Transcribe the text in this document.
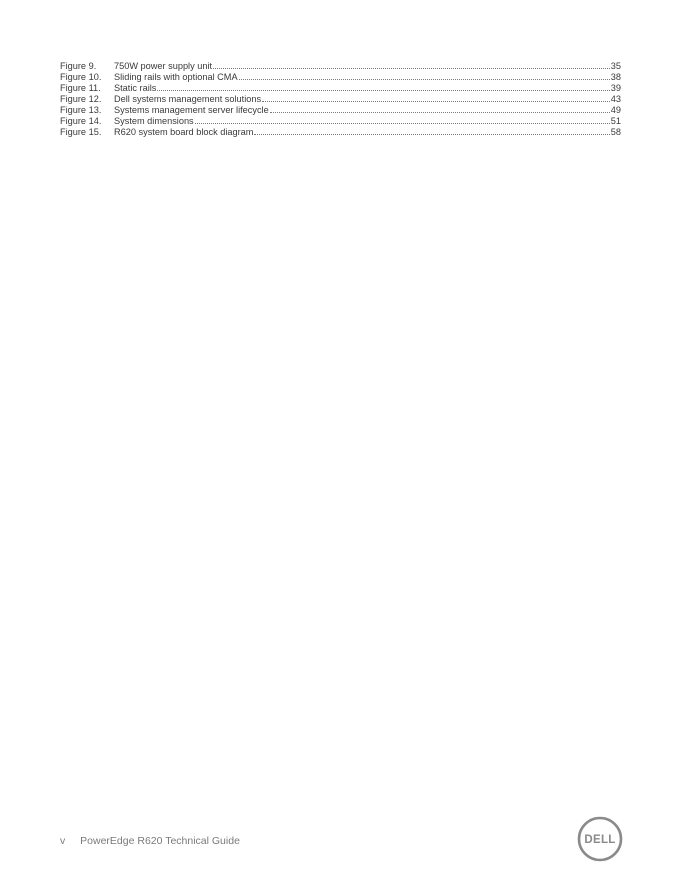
Figure 9.	750W power supply unit	35
Figure 10.	Sliding rails with optional CMA	38
Figure 11.	Static rails	39
Figure 12.	Dell systems management solutions	43
Figure 13.	Systems management server lifecycle	49
Figure 14.	System dimensions	51
Figure 15.	R620 system board block diagram	58
v PowerEdge R620 Technical Guide	DELL
